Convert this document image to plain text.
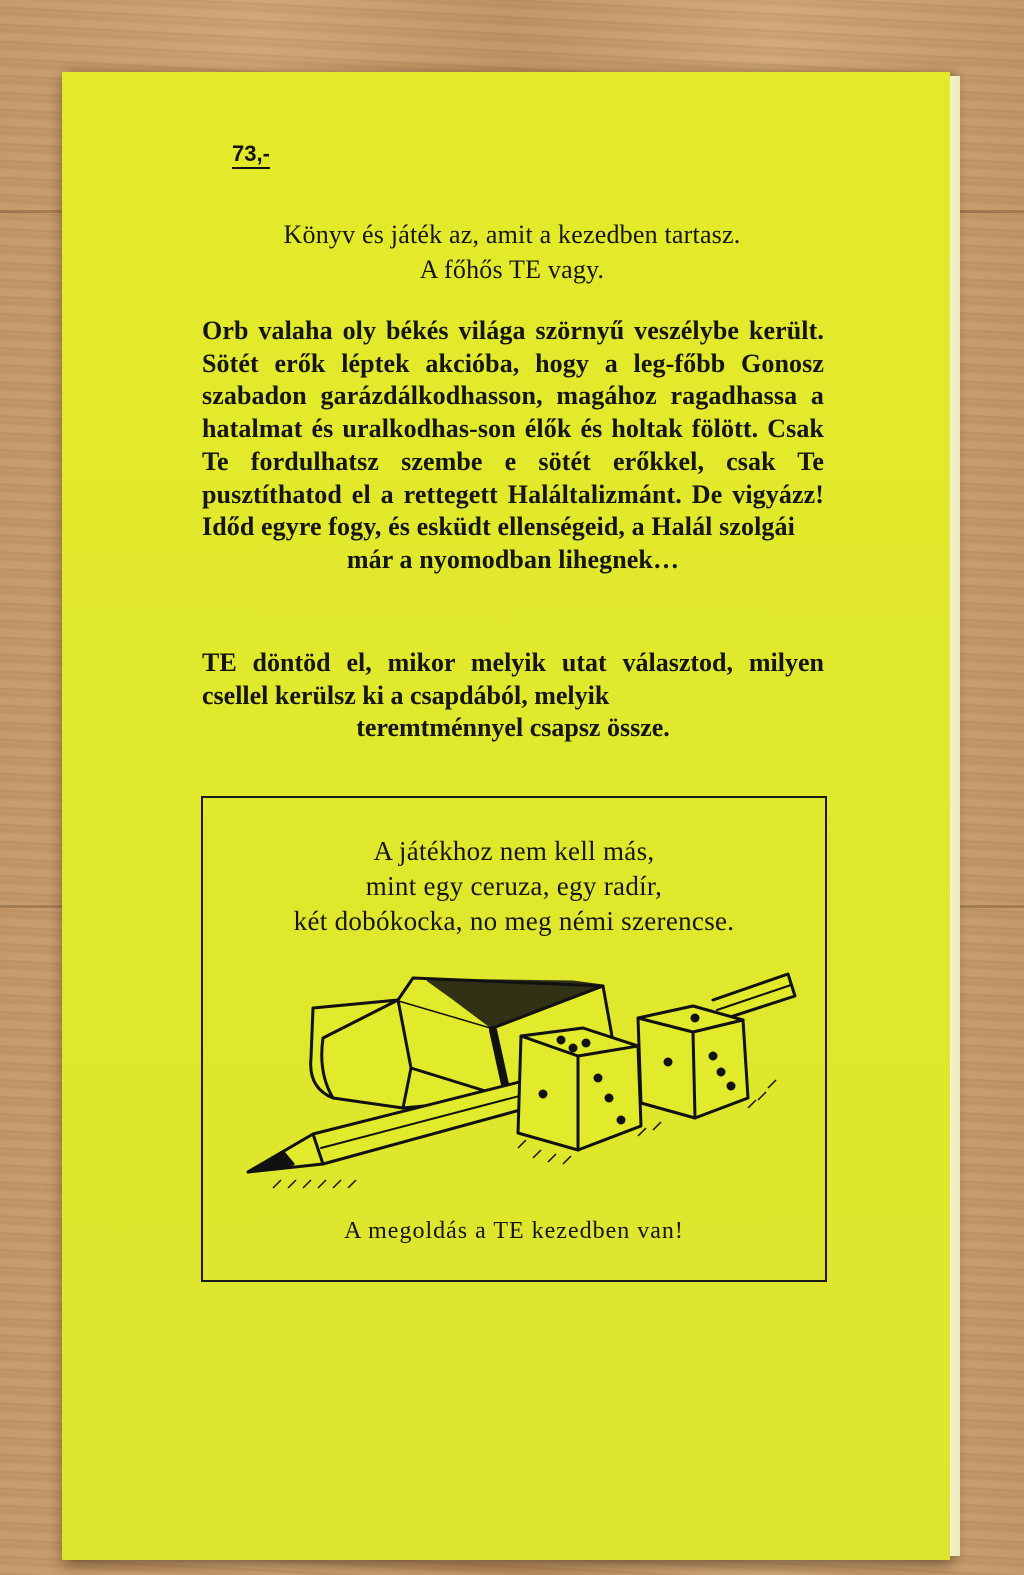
73,-
Könyv és játék az, amit a kezedben tartasz.
A főhős TE vagy.
Orb valaha oly békés világa szörnyű veszélybe került. Sötét erők léptek akcióba, hogy a leg-főbb Gonosz szabadon garázdálkodhasson, magához ragadhassa a hatalmat és uralkodhas-son élők és holtak fölött. Csak Te fordulhatsz szembe e sötét erőkkel, csak Te pusztíthatod el a rettegett Haláltalizmánt. De vigyázz! Időd egyre fogy, és esküdt ellenségeid, a Halál szolgái
már a nyomodban lihegnek…
TE döntöd el, mikor melyik utat választod, milyen csellel kerülsz ki a csapdából, melyik
teremtménnyel csapsz össze.
A játékhoz nem kell más,
mint egy ceruza, egy radír,
két dobókocka, no meg némi szerencse.
A megoldás a TE kezedben van!
